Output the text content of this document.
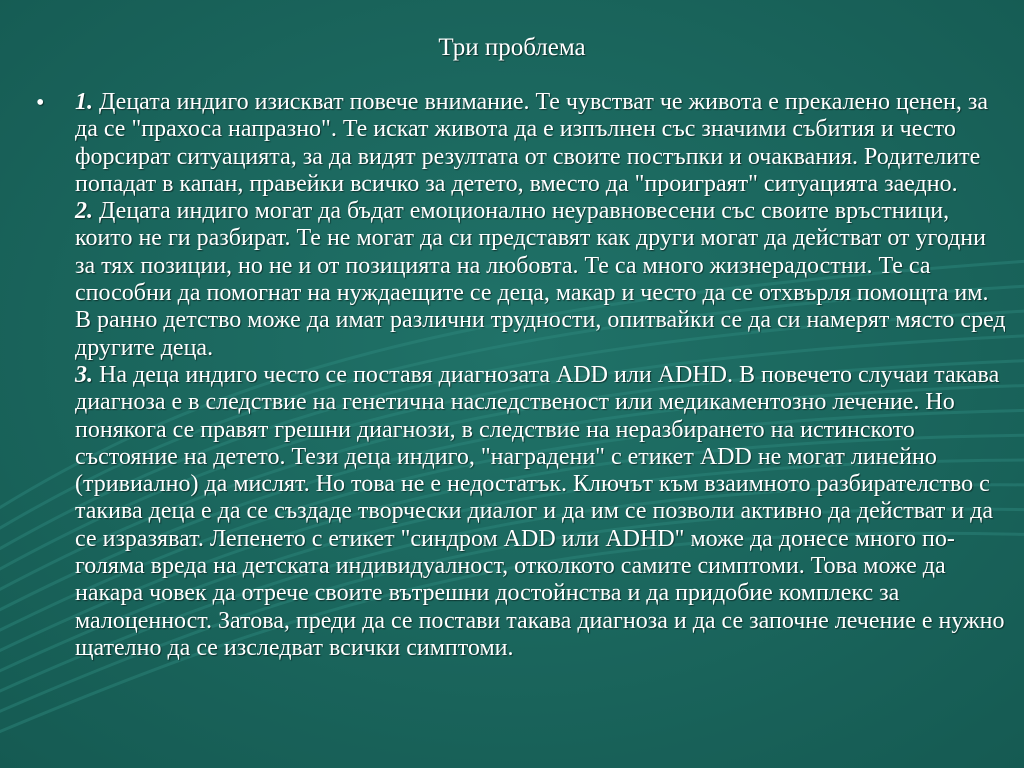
Три проблема
•	1. Децата индиго изискват повече внимание. Те чувстват че живота е прекалено ценен, за да се "прахоса напразно". Те искат живота да е изпълнен със значими събития и често форсират ситуацията, за да видят резултата от своите постъпки и очаквания. Родителите попадат в капан, правейки всичко за детето, вместо да "проиграят" ситуацията заедно.

2. Децата индиго могат да бъдат емоционално неуравновесени със своите връстници, които не ги разбират. Те не могат да си представят как други могат да действат от угодни за тях позиции, но не и от позицията на любовта. Те са много жизнерадостни. Те са способни да помогнат на нуждаещите се деца, макар и често да се отхвърля помощта им. В ранно детство може да имат различни трудности, опитвайки се да си намерят място сред другите деца.

3. На деца индиго често се поставя диагнозата ADD или ADHD. В повечето случаи такава диагноза е в следствие на генетична наследственост или медикаментозно лечение. Но понякога се правят грешни диагнози, в следствие на неразбирането на истинското състояние на детето. Тези деца индиго, "наградени" с етикет ADD не могат линейно (тривиално) да мислят. Но това не е недостатък. Ключът към взаимното разбирателство с такива деца е да се създаде творчески диалог и да им се позволи активно да действат и да се изразяват. Лепенето с етикет "синдром ADD или ADHD" може да донесе много по-голяма вреда на детската индивидуалност, отколкото самите симптоми. Това може да накара човек да отрече своите вътрешни достойнства и да придобие комплекс за малоценност. Затова, преди да се постави такава диагноза и да се започне лечение е нужно щателно да се изследват всички симптоми.
